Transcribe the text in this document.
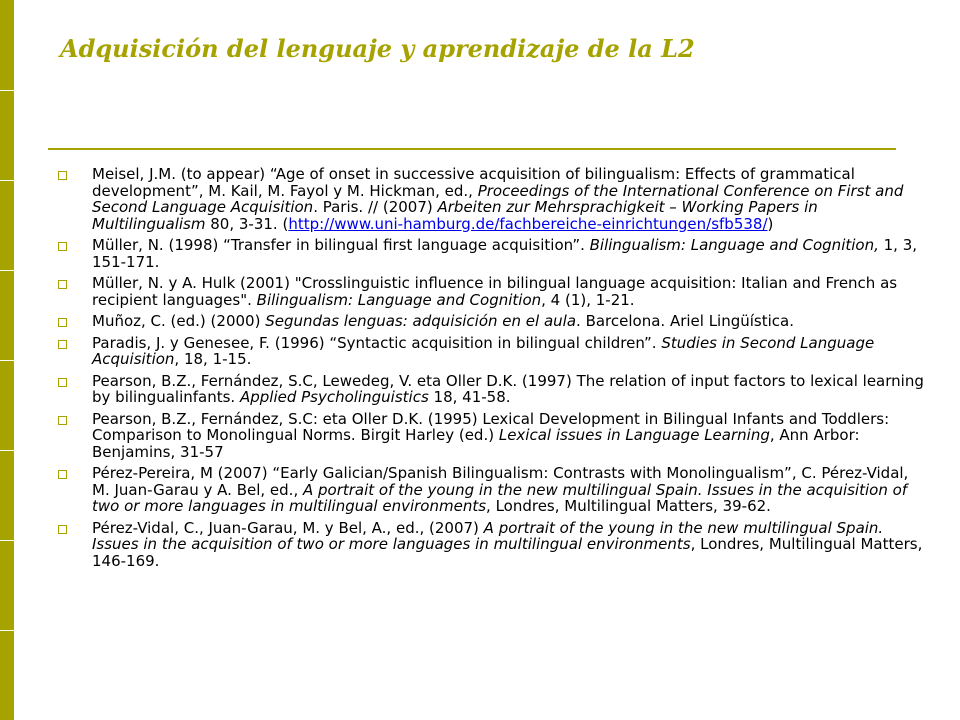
Adquisición del lenguaje y aprendizaje de la L2
Meisel, J.M. (to appear) “Age of onset in successive acquisition of bilingualism: Effects of grammatical development”, M. Kail, M. Fayol y M. Hickman, ed., Proceedings of the International Conference on First and Second Language Acquisition. Paris. // (2007) Arbeiten zur Mehrsprachigkeit – Working Papers in Multilingualism 80, 3-31. (http://www.uni-hamburg.de/fachbereiche-einrichtungen/sfb538/)
Müller, N. (1998) “Transfer in bilingual first language acquisition”. Bilingualism: Language and Cognition, 1, 3, 151-171.
Müller, N. y A. Hulk (2001) "Crosslinguistic influence in bilingual language acquisition: Italian and French as recipient languages". Bilingualism: Language and Cognition, 4 (1), 1-21.
Muñoz, C. (ed.) (2000) Segundas lenguas: adquisición en el aula. Barcelona. Ariel Lingüística.
Paradis, J. y Genesee, F. (1996) “Syntactic acquisition in bilingual children”. Studies in Second Language Acquisition, 18, 1-15.
Pearson, B.Z., Fernández, S.C, Lewedeg, V. eta Oller D.K. (1997) The relation of input factors to lexical learning by bilingualinfants. Applied Psycholinguistics 18, 41-58.
Pearson, B.Z., Fernández, S.C: eta Oller D.K. (1995) Lexical Development in Bilingual Infants and Toddlers: Comparison to Monolingual Norms. Birgit Harley (ed.) Lexical issues in Language Learning, Ann Arbor: Benjamins, 31-57
Pérez-Pereira, M (2007) “Early Galician/Spanish Bilingualism: Contrasts with Monolingualism”, C. Pérez-Vidal, M. Juan-Garau y A. Bel, ed., A portrait of the young in the new multilingual Spain. Issues in the acquisition of two or more languages in multilingual environments, Londres, Multilingual Matters, 39-62.
Pérez-Vidal, C., Juan-Garau, M. y Bel, A., ed., (2007) A portrait of the young in the new multilingual Spain. Issues in the acquisition of two or more languages in multilingual environments, Londres, Multilingual Matters, 146-169.
